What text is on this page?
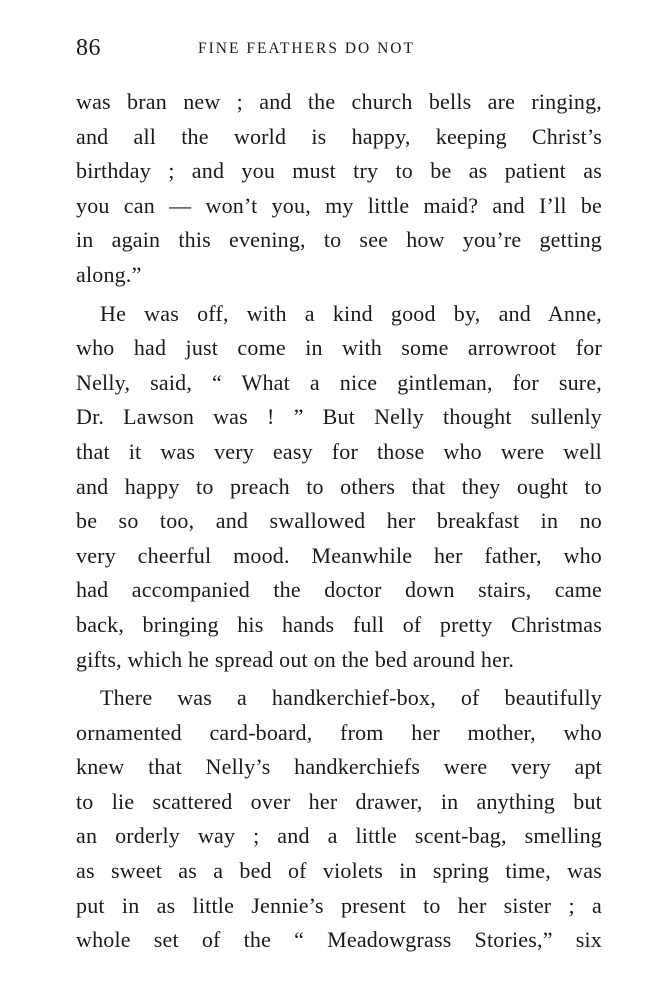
86	FINE FEATHERS DO NOT
was bran new ; and the church bells are ringing,
and all the world is happy, keeping Christ’s
birthday ; and you must try to be as patient as
you can — won’t you, my little maid? and I’ll be
in again this evening, to see how you’re getting
along.”
He was off, with a kind good by, and Anne,
who had just come in with some arrowroot for
Nelly, said, “ What a nice gintleman, for sure,
Dr. Lawson was ! ” But Nelly thought sullenly
that it was very easy for those who were well
and happy to preach to others that they ought to
be so too, and swallowed her breakfast in no
very cheerful mood. Meanwhile her father, who
had accompanied the doctor down stairs, came
back, bringing his hands full of pretty Christmas
gifts, which he spread out on the bed around her.
There was a handkerchief-box, of beautifully
ornamented card-board, from her mother, who
knew that Nelly’s handkerchiefs were very apt
to lie scattered over her drawer, in anything but
an orderly way ; and a little scent-bag, smelling
as sweet as a bed of violets in spring time, was
put in as little Jennie’s present to her sister ; a
whole set of the “ Meadowgrass Stories,” six
